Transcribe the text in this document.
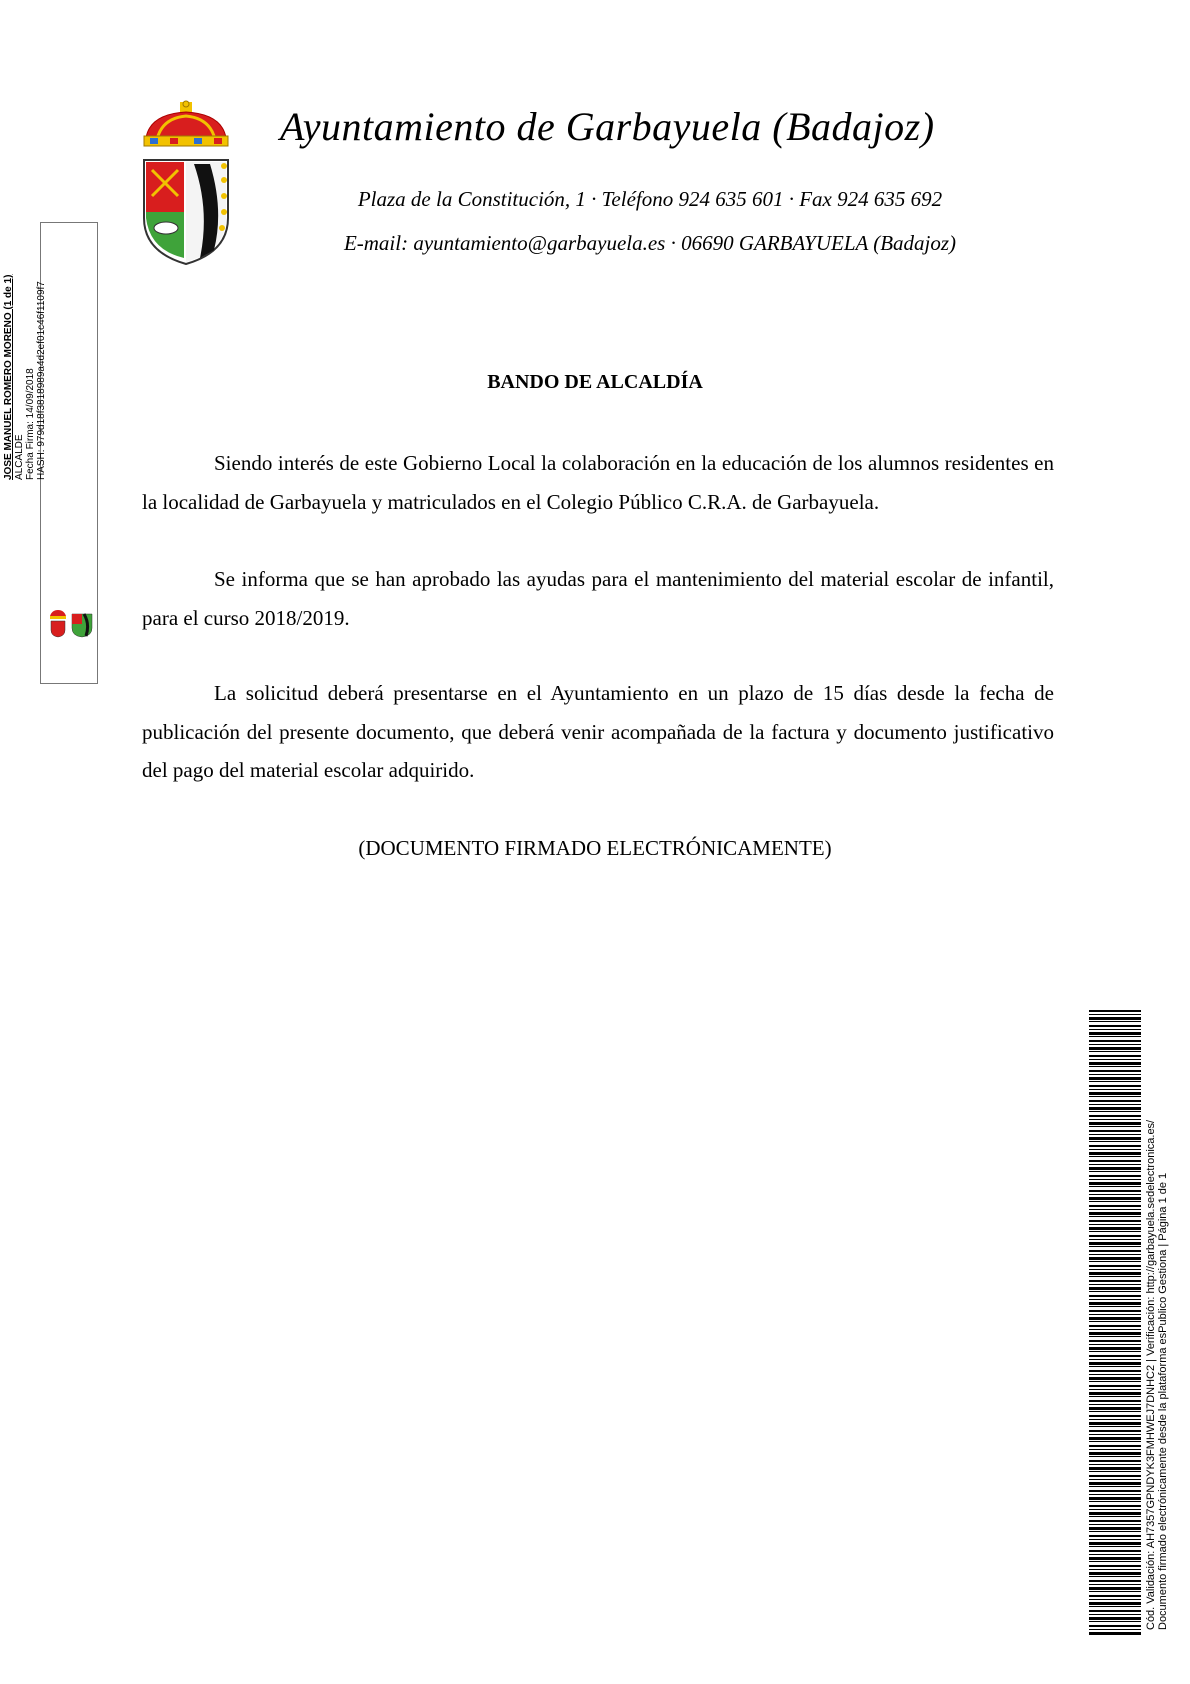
Ayuntamiento de Garbayuela (Badajoz)
Plaza de la Constitución, 1 · Teléfono 924 635 601 · Fax 924 635 692
E-mail: ayuntamiento@garbayuela.es · 06690 GARBAYUELA (Badajoz)
JOSE MANUEL ROMERO MORENO (1 de 1) ALCALDE Fecha Firma: 14/09/2018 HASH: 979d18f3818989a4d2ef01c46f1109f7	BANDO DE ALCALDÍA
Siendo interés de este Gobierno Local la colaboración en la educación de los alumnos residentes en la localidad de Garbayuela y matriculados en el Colegio Público C.R.A. de Garbayuela.
Se informa que se han aprobado las ayudas para el mantenimiento del material escolar de infantil, para el curso 2018/2019.
La solicitud deberá presentarse en el Ayuntamiento en un plazo de 15 días desde la fecha de publicación del presente documento, que deberá venir acompañada de la factura y documento justificativo del pago del material escolar adquirido.
(DOCUMENTO FIRMADO ELECTRÓNICAMENTE)
Cód. Validación: AH7357GPNDYK3FMHWEJ7DNHC2 | Verificación: http://garbayuela.sedelectronica.es/ Documento firmado electrónicamente desde la plataforma esPublico Gestiona | Página 1 de 1
